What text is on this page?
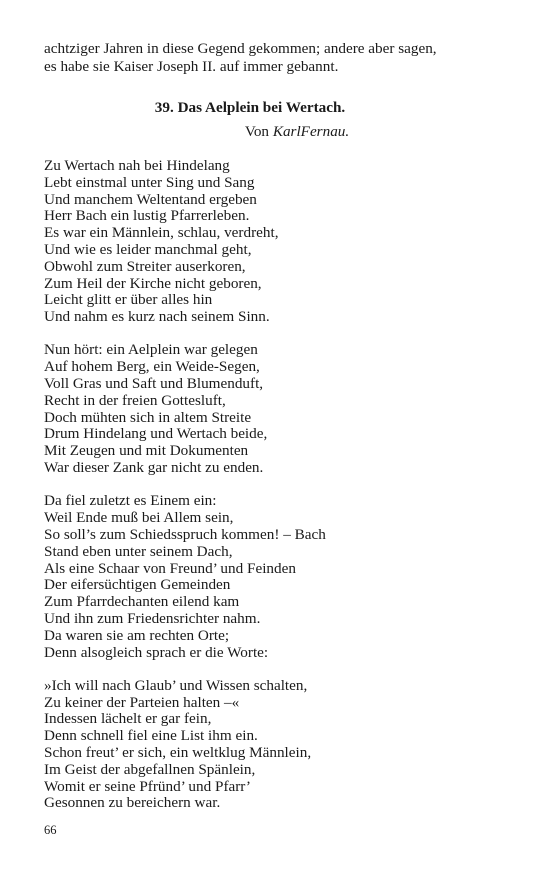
achtziger Jahren in diese Gegend gekommen; andere aber sagen,
es habe sie Kaiser Joseph II. auf immer gebannt.

39. Das Aelplein bei Wertach.
Von KarlFernau.
Zu Wertach nah bei Hindelang
Lebt einstmal unter Sing und Sang
Und manchem Weltentand ergeben
Herr Bach ein lustig Pfarrerleben.
Es war ein Männlein, schlau, verdreht,
Und wie es leider manchmal geht,
Obwohl zum Streiter auserkoren,
Zum Heil der Kirche nicht geboren,
Leicht glitt er über alles hin
Und nahm es kurz nach seinem Sinn.
Nun hört: ein Aelplein war gelegen
Auf hohem Berg, ein Weide-Segen,
Voll Gras und Saft und Blumenduft,
Recht in der freien Gottesluft,
Doch mühten sich in altem Streite
Drum Hindelang und Wertach beide,
Mit Zeugen und mit Dokumenten
War dieser Zank gar nicht zu enden.
Da fiel zuletzt es Einem ein:
Weil Ende muß bei Allem sein,
So soll’s zum Schiedsspruch kommen! – Bach
Stand eben unter seinem Dach,
Als eine Schaar von Freund’ und Feinden
Der eifersüchtigen Gemeinden
Zum Pfarrdechanten eilend kam
Und ihn zum Friedensrichter nahm.
Da waren sie am rechten Orte;
Denn alsogleich sprach er die Worte:
»Ich will nach Glaub’ und Wissen schalten,
Zu keiner der Parteien halten –«
Indessen lächelt er gar fein,
Denn schnell fiel eine List ihm ein.
Schon freut’ er sich, ein weltklug Männlein,
Im Geist der abgefallnen Spänlein,
Womit er seine Pfründ’ und Pfarr’
Gesonnen zu bereichern war.
66
